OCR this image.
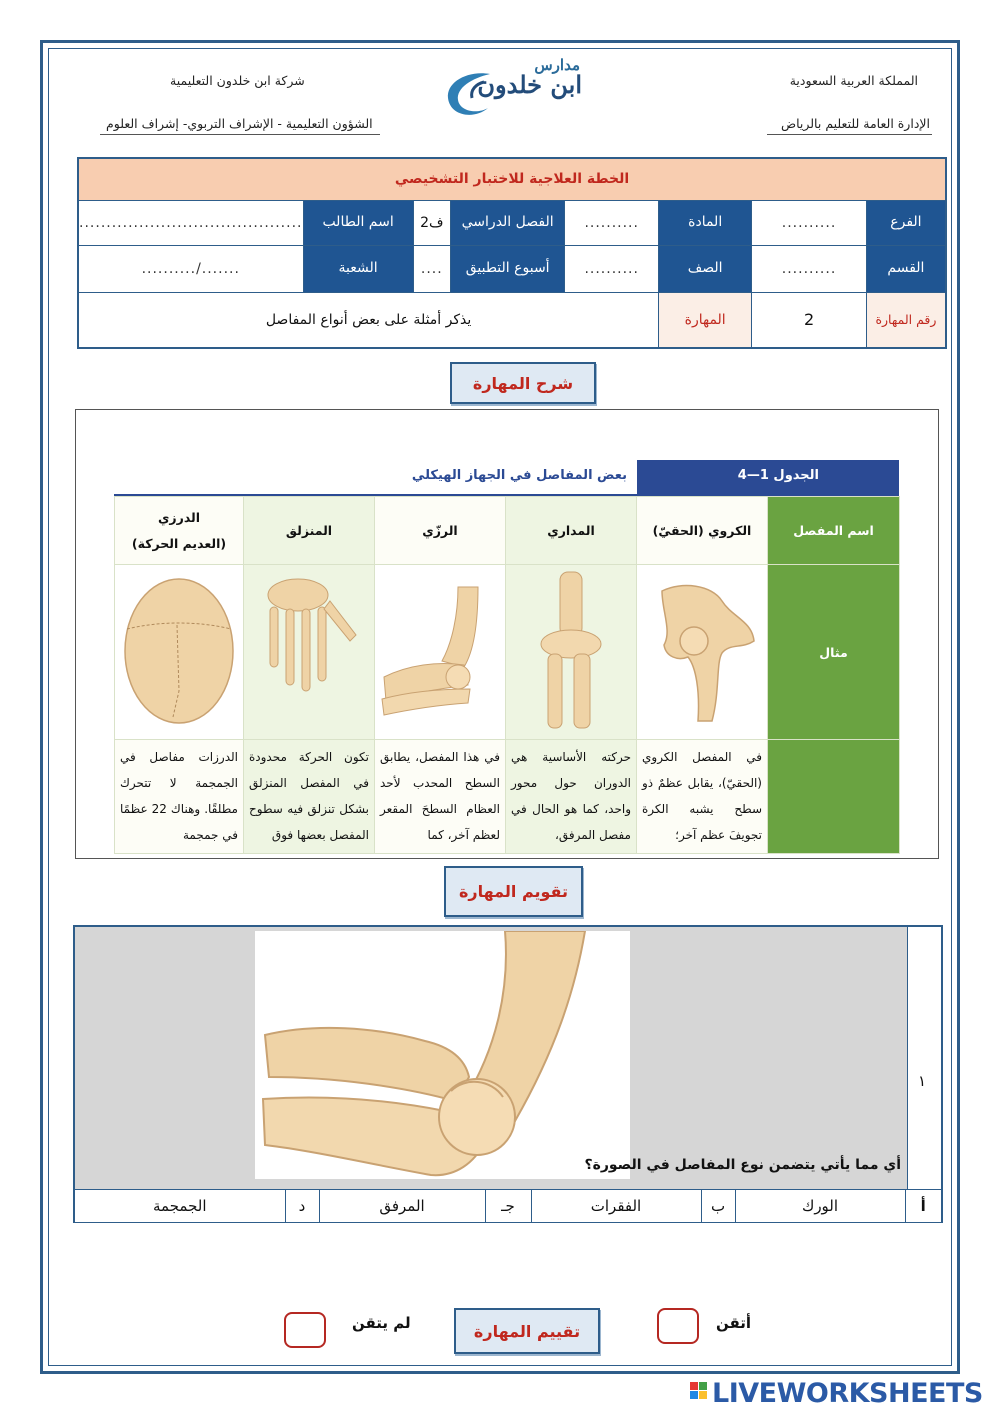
المملكة العربية السعودية
الإدارة العامة للتعليم بالرياض
شركة ابن خلدون التعليمية
الشؤون التعليمية - الإشراف التربوي- إشراف العلوم
مدارس
ابن خلدون
الخطة العلاجية للاختبار التشخيصي							
الفرع	..........	المادة	..........	الفصل الدراسي	ف2	اسم الطالب	.........................................
القسم	..........	الصف	..........	أسبوع التطبيق	....	الشعبة	......./..........
رقم المهارة	2	المهارة	يذكر أمثلة على بعض أنواع المفاصل				
شرح المهارة
الجدول 1—4
بعض المفاصل في الجهاز الهيكلي
اسم المفصل	الكروي (الحقيّ)	المداري	الرزّي	المنزلق	الدرزي
(العديم الحركة)

مثال					
	في المفصل الكروي (الحقيّ)، يقابل عظمٌ ذو سطح يشبه الكرة تجويفَ عظم آخر؛	حركته الأساسية هي الدوران حول محور واحد، كما هو الحال في مفصل المرفق،	في هذا المفصل، يطابق السطح المحدب لأحد العظام السطحَ المقعر لعظم آخر، كما	تكون الحركة محدودة في المفصل المنزلق بشكل تنزلق فيه سطوح المفصل بعضها فوق	الدرزات مفاصل في الجمجمة لا تتحرك مطلقًا. وهناك 22 عظمًا في جمجمة
تقويم المهارة
١
أي مما يأتي يتضمن نوع المفاصل في الصورة؟
أ	الورك	ب	الفقرات	جـ	المرفق	د	الجمجمة
أتقن
تقييم المهارة
لم يتقن
LIVEWORKSHEETS
